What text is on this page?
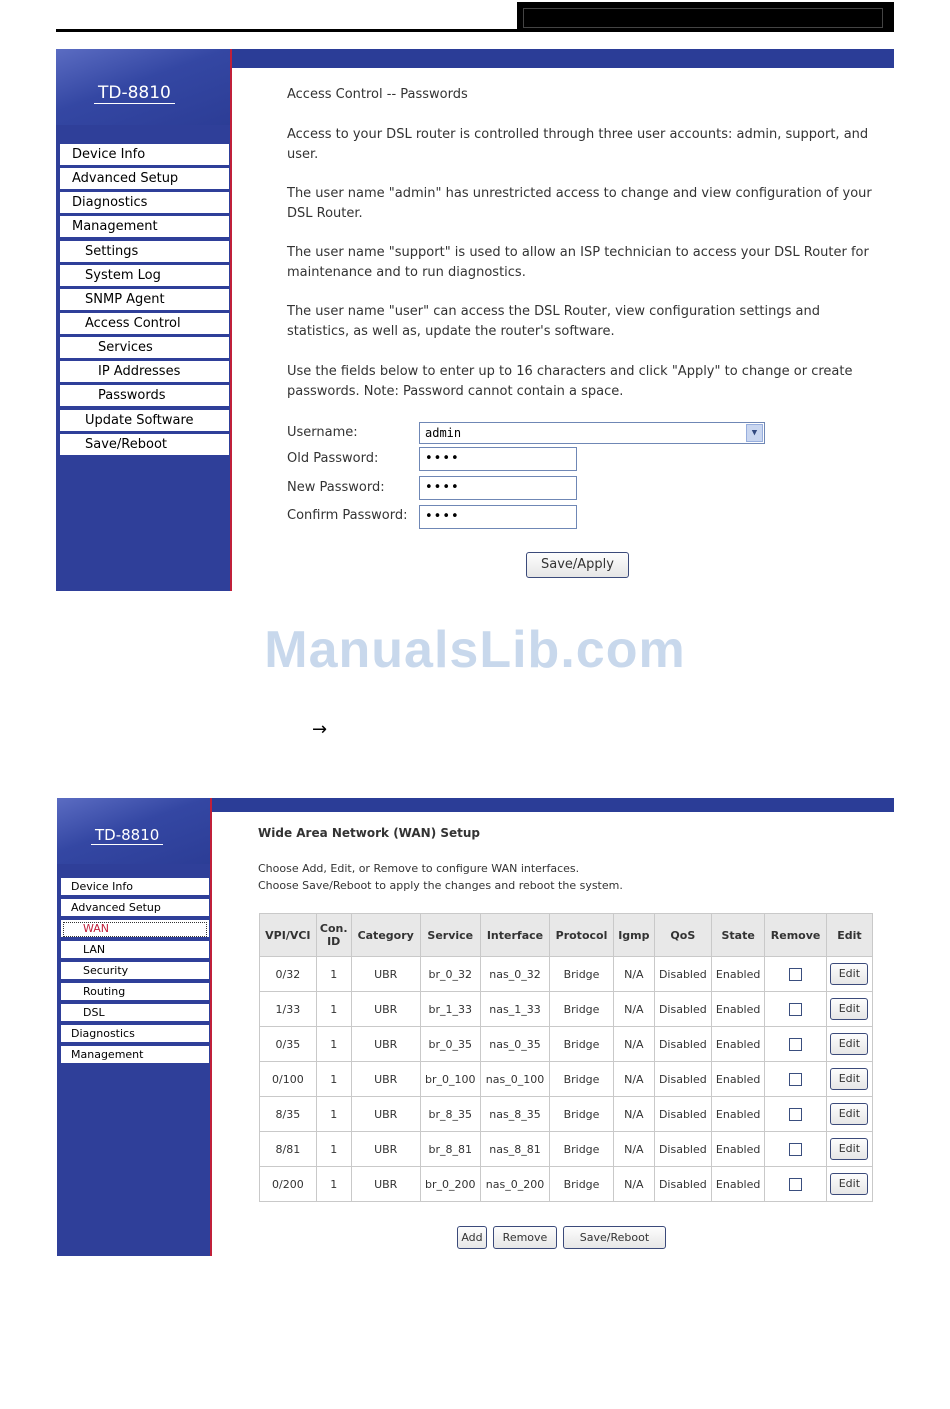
TD-8810
Device Info
Advanced Setup
Diagnostics
Management
Settings
System Log
SNMP Agent
Access Control
Services
IP Addresses
Passwords
Update Software
Save/Reboot
Access Control -- Passwords
Access to your DSL router is controlled through three user accounts: admin, support, and user.
The user name "admin" has unrestricted access to change and view configuration of your DSL Router.
The user name "support" is used to allow an ISP technician to access your DSL Router for maintenance and to run diagnostics.
The user name "user" can access the DSL Router, view configuration settings and statistics, as well as, update the router's software.
Use the fields below to enter up to 16 characters and click "Apply" to change or create passwords. Note: Password cannot contain a space.
Username:	admin	▼
Old Password:	••••
New Password:	••••
Confirm Password:	••••
Save/Apply
ManualsLib.com
→
TD-8810
Device Info
Advanced Setup
WAN
LAN
Security
Routing
DSL
Diagnostics
Management
Wide Area Network (WAN) Setup
Choose Add, Edit, or Remove to configure WAN interfaces.
Choose Save/Reboot to apply the changes and reboot the system.
VPI/VCI	Con. ID	Category	Service	Interface	Protocol	Igmp	QoS	State	Remove	Edit
0/32	1	UBR	br_0_32	nas_0_32	Bridge	N/A	Disabled	Enabled		Edit
1/33	1	UBR	br_1_33	nas_1_33	Bridge	N/A	Disabled	Enabled		Edit
0/35	1	UBR	br_0_35	nas_0_35	Bridge	N/A	Disabled	Enabled		Edit
0/100	1	UBR	br_0_100	nas_0_100	Bridge	N/A	Disabled	Enabled		Edit
8/35	1	UBR	br_8_35	nas_8_35	Bridge	N/A	Disabled	Enabled		Edit
8/81	1	UBR	br_8_81	nas_8_81	Bridge	N/A	Disabled	Enabled		Edit
0/200	1	UBR	br_0_200	nas_0_200	Bridge	N/A	Disabled	Enabled		Edit
Add	Remove	Save/Reboot
